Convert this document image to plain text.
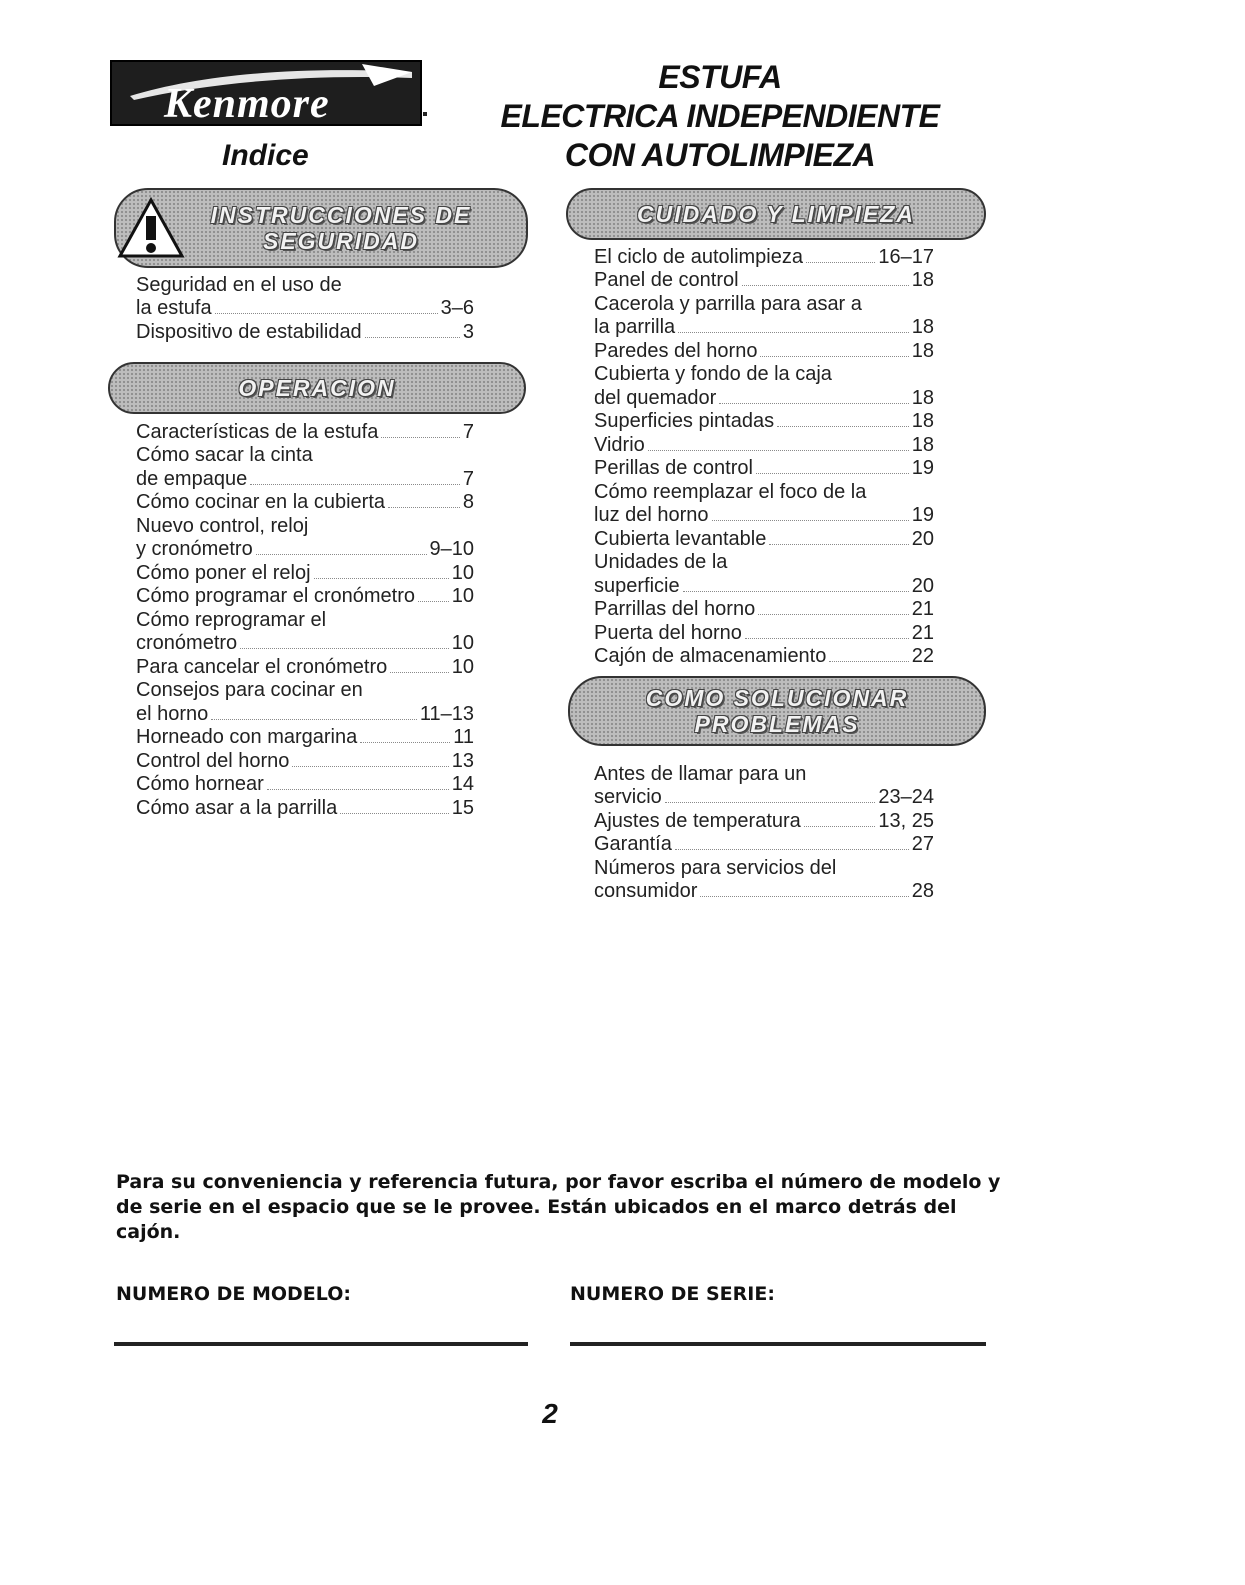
Kenmore
Indice
ESTUFA
ELECTRICA INDEPENDIENTE
CON AUTOLIMPIEZA
INSTRUCCIONES DE
SEGURIDAD
Seguridad en el uso de
la estufa	3–6
Dispositivo de estabilidad	3
OPERACION
Características de la estufa	7
Cómo sacar la cinta
de empaque	7
Cómo cocinar en la cubierta	8
Nuevo control, reloj
y cronómetro	9–10
Cómo poner el reloj	10
Cómo programar el cronómetro 10
Cómo reprogramar el
cronómetro	10
Para cancelar el cronómetro	10
Consejos para cocinar en
el horno	11–13
Horneado con margarina	11
Control del horno	13
Cómo hornear	14
Cómo asar a la parrilla	15
CUIDADO Y LIMPIEZA
El ciclo de autolimpieza	16–17
Panel de control	18
Cacerola y parrilla para asar a
la parrilla	18
Paredes del horno	18
Cubierta y fondo de la caja
del quemador	18
Superficies pintadas	18
Vidrio	18
Perillas de control	19
Cómo reemplazar el foco de la
luz del horno	19
Cubierta levantable	20
Unidades de la
superficie	20
Parrillas del horno	21
Puerta del horno	21
Cajón de almacenamiento	22
COMO SOLUCIONAR
PROBLEMAS
Antes de llamar para un
servicio	23–24
Ajustes de temperatura	13, 25
Garantía	27
Números para servicios del
consumidor	28
Para su conveniencia y referencia futura, por favor escriba el número de modelo y de serie en el espacio que se le provee. Están ubicados en el marco detrás del cajón.
NUMERO DE MODELO:	NUMERO DE SERIE:
2
